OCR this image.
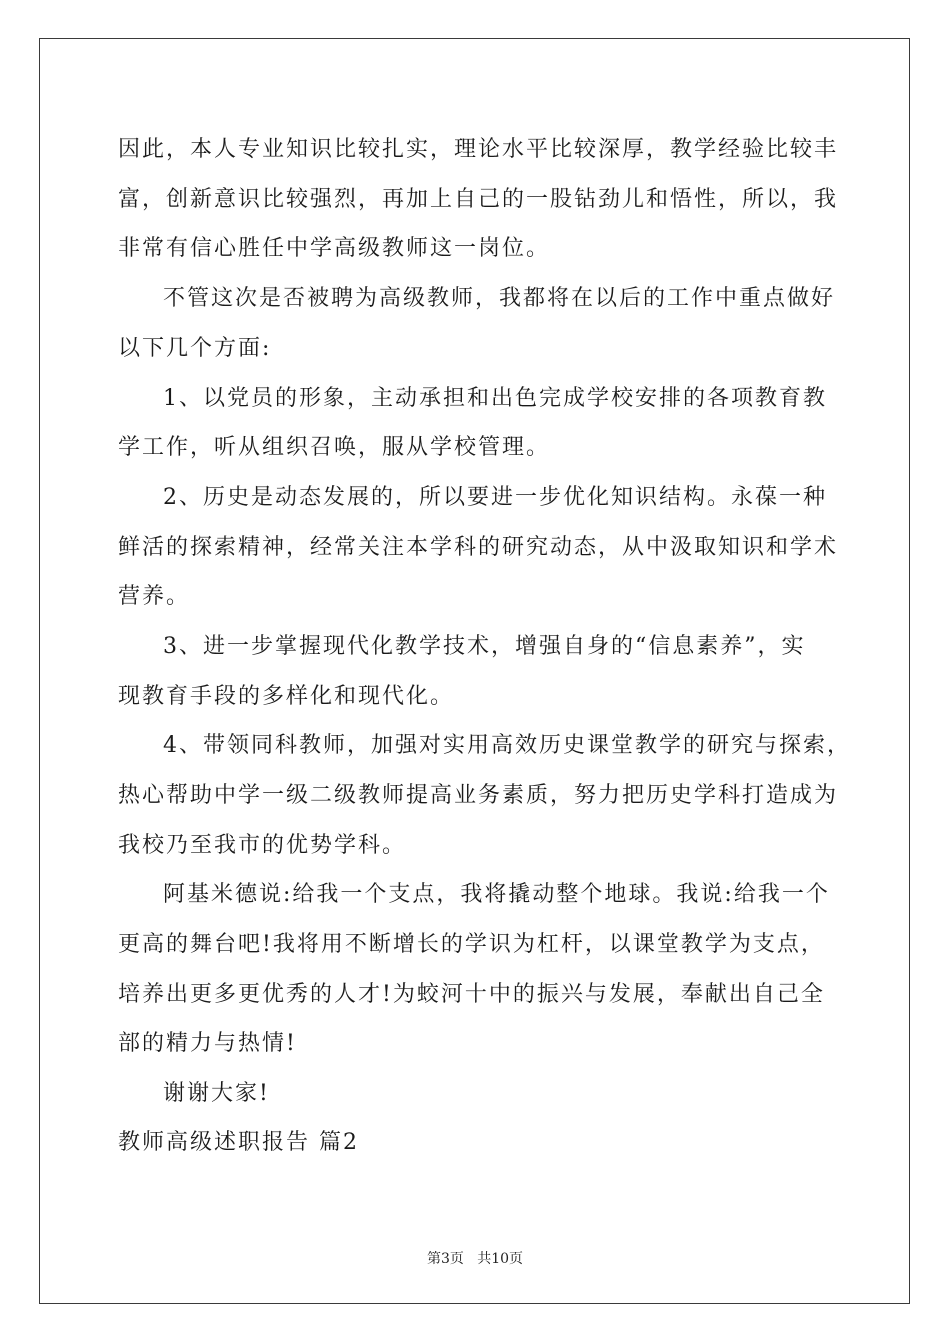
因此，本人专业知识比较扎实，理论水平比较深厚，教学经验比较丰

富，创新意识比较强烈，再加上自己的一股钻劲儿和悟性，所以，我

非常有信心胜任中学高级教师这一岗位。

不管这次是否被聘为高级教师，我都将在以后的工作中重点做好

以下几个方面:

1、以党员的形象，主动承担和出色完成学校安排的各项教育教

学工作，听从组织召唤，服从学校管理。

2、历史是动态发展的，所以要进一步优化知识结构。永葆一种

鲜活的探索精神，经常关注本学科的研究动态，从中汲取知识和学术

营养。

3、进一步掌握现代化教学技术，增强自身的“信息素养”，实

现教育手段的多样化和现代化。

4、带领同科教师，加强对实用高效历史课堂教学的研究与探索，

热心帮助中学一级二级教师提高业务素质，努力把历史学科打造成为

我校乃至我市的优势学科。

阿基米德说:给我一个支点，我将撬动整个地球。我说:给我一个

更高的舞台吧!我将用不断增长的学识为杠杆，以课堂教学为支点，

培养出更多更优秀的人才!为蛟河十中的振兴与发展，奉献出自己全

部的精力与热情!

谢谢大家!

教师高级述职报告 篇2

第3页   共10页
